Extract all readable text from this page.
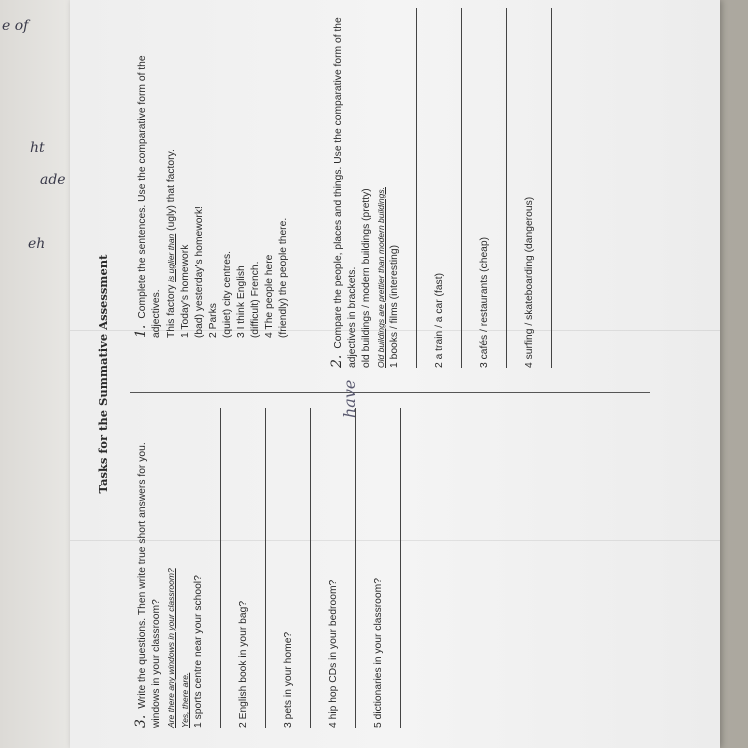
e of
ade
ht
eh
Tasks for the Summative Assessment 1.Complete the sentences. Use the comparative form of the adjectives. This factory is uglier than (ugly) that factory.
1 Today's homework (bad) yesterday's homework! 2 Parks (quiet) city centres. 3 I think English (difficult) French. 4 The people here (friendly) the people there.
2.Compare the people, places and things. Use the comparative form of the adjectives in brackets. old buildings / modern buildings (pretty) Old buildings are prettier than modern buildings. 1 books / films (interesting)	2 a train / a car (fast)	3 cafés / restaurants (cheap)	4 surfing / skateboarding (dangerous)
3.Write the questions. Then write true short answers for you. windows in your classroom? Are there any windows in your classroom? Yes, there are. 1 sports centre near your school?	2 English book in your bag?	3 pets in your home?	4 hip hop CDs in your bedroom?	5 dictionaries in your classroom?
have
